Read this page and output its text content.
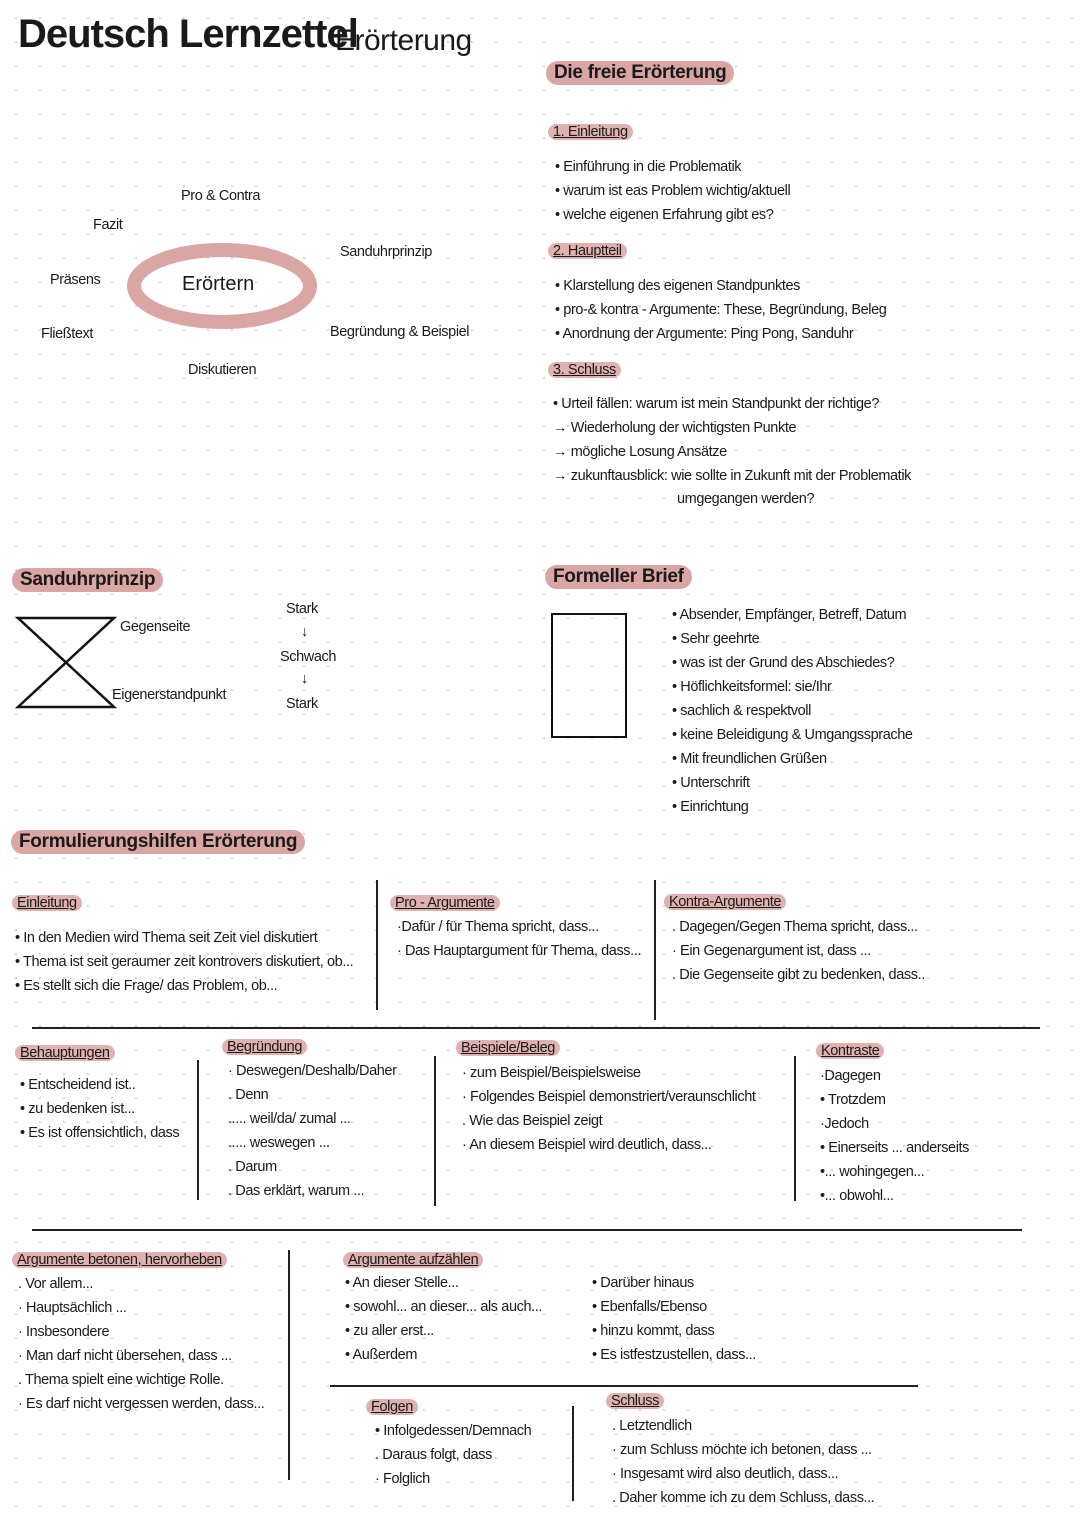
Deutsch Lernzettel
Erörterung
Die freie Erörterung
1. Einleitung
• Einführung in die Problematik
• warum ist eas Problem wichtig/aktuell
• welche eigenen Erfahrung gibt es?
2. Hauptteil
• Klarstellung des eigenen Standpunktes
• pro-& kontra - Argumente: These, Begründung, Beleg
• Anordnung der Argumente: Ping Pong, Sanduhr
3. Schluss
• Urteil fällen: warum ist mein Standpunkt der richtige?
→ Wiederholung der wichtigsten Punkte
→ mögliche Losung Ansätze
→ zukunftausblick: wie sollte in Zukunft mit der Problematik
umgegangen werden?
Erörtern
Pro & Contra
Fazit
Sanduhrprinzip
Präsens
Begründung & Beispiel
Fließtext
Diskutieren
Sanduhrprinzip
Gegenseite
Eigenerstandpunkt
Stark
↓
Schwach
↓
Stark
Formeller Brief
• Absender, Empfänger, Betreff, Datum
• Sehr geehrte
• was ist der Grund des Abschiedes?
• Höflichkeitsformel: sie/Ihr
• sachlich & respektvoll
• keine Beleidigung & Umgangssprache
• Mit freundlichen Grüßen
• Unterschrift
• Einrichtung
Formulierungshilfen Erörterung
Einleitung
• In den Medien wird Thema seit Zeit viel diskutiert
• Thema ist seit geraumer zeit kontrovers diskutiert, ob...
• Es stellt sich die Frage/ das Problem, ob...
Pro - Argumente
·Dafür / für Thema spricht, dass...
· Das Hauptargument für Thema, dass...
Kontra-Argumente
. Dagegen/Gegen Thema spricht, dass...
· Ein Gegenargument ist, dass ...
. Die Gegenseite gibt zu bedenken, dass..
Behauptungen
• Entscheidend ist..
• zu bedenken ist...
• Es ist offensichtlich, dass
Begründung
· Deswegen/Deshalb/Daher
. Denn
..... weil/da/ zumal ...
..... weswegen ...
. Darum
. Das erklärt, warum ...
Beispiele/Beleg
· zum Beispiel/Beispielsweise
· Folgendes Beispiel demonstriert/veraunschlicht
. Wie das Beispiel zeigt
· An diesem Beispiel wird deutlich, dass...
Kontraste
·Dagegen
• Trotzdem
·Jedoch
• Einerseits ... anderseits
•... wohingegen...
•... obwohl...
Argumente betonen, hervorheben
. Vor allem...
· Hauptsächlich ...
· Insbesondere
· Man darf nicht übersehen, dass ...
. Thema spielt eine wichtige Rolle.
· Es darf nicht vergessen werden, dass...
Argumente aufzählen
• An dieser Stelle...
• sowohl... an dieser... als auch...
• zu aller erst...
• Außerdem
• Darüber hinaus
• Ebenfalls/Ebenso
• hinzu kommt, dass
• Es istfestzustellen, dass...
Folgen
• Infolgedessen/Demnach
. Daraus folgt, dass
· Folglich
Schluss
. Letztendlich
· zum Schluss möchte ich betonen, dass ...
· Insgesamt wird also deutlich, dass...
. Daher komme ich zu dem Schluss, dass...
